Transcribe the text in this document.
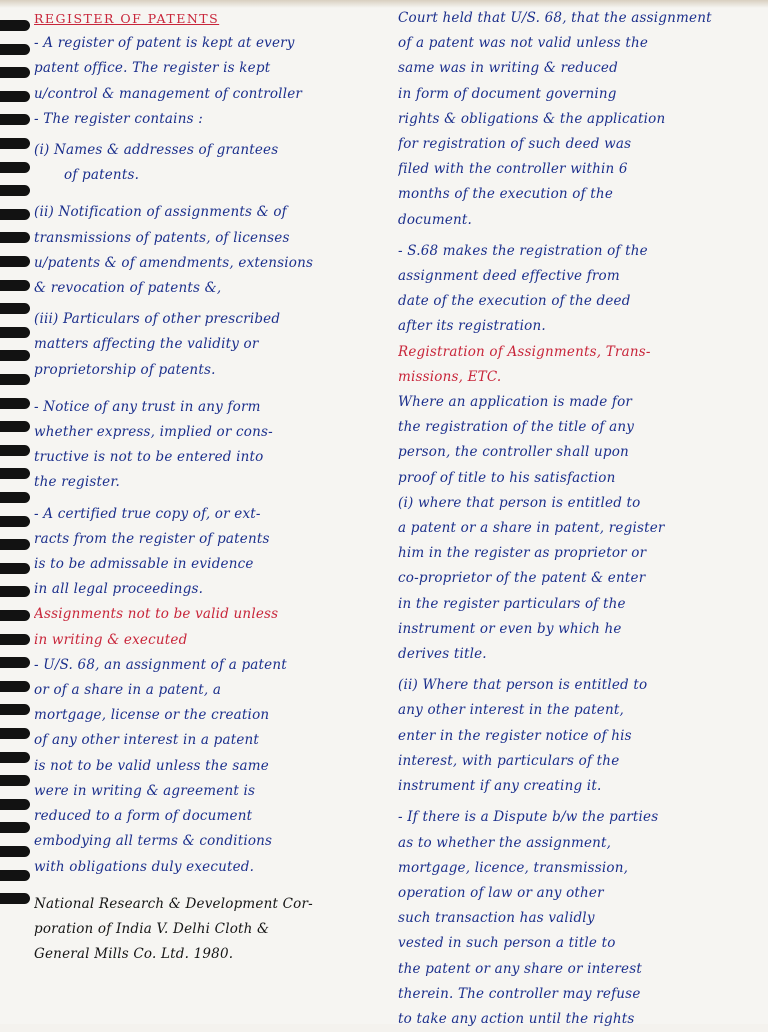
REGISTER OF PATENTS
- A register of patent is kept at every
patent office. The register is kept
u/control & management of controller
- The register contains :
(i) Names & addresses of grantees
of patents.
(ii) Notification of assignments & of
transmissions of patents, of licenses
u/patents & of amendments, extensions
& revocation of patents &,
(iii) Particulars of other prescribed
matters affecting the validity or
proprietorship of patents.
- Notice of any trust in any form
whether express, implied or cons-
tructive is not to be entered into
the register.
- A certified true copy of, or ext-
racts from the register of patents
is to be admissable in evidence
in all legal proceedings.
Assignments not to be valid unless
in writing & executed
- U/S. 68, an assignment of a patent
or of a share in a patent, a
mortgage, license or the creation
of any other interest in a patent
is not to be valid unless the same
were in writing & agreement is
reduced to a form of document
embodying all terms & conditions
with obligations duly executed.
National Research & Development Cor-
poration of India V. Delhi Cloth &
General Mills Co. Ltd. 1980.
Court held that U/S. 68, that the assignment
of a patent was not valid unless the
same was in writing & reduced
in form of document governing
rights & obligations & the application
for registration of such deed was
filed with the controller within 6
months of the execution of the
document.
- S.68 makes the registration of the
assignment deed effective from
date of the execution of the deed
after its registration.
Registration of Assignments, Trans-
missions, ETC.
Where an application is made for
the registration of the title of any
person, the controller shall upon
proof of title to his satisfaction
(i) where that person is entitled to
a patent or a share in patent, register
him in the register as proprietor or
co-proprietor of the patent & enter
in the register particulars of the
instrument or even by which he
derives title.
(ii) Where that person is entitled to
any other interest in the patent,
enter in the register notice of his
interest, with particulars of the
instrument if any creating it.
- If there is a Dispute b/w the parties
as to whether the assignment,
mortgage, licence, transmission,
operation of law or any other
such transaction has validly
vested in such person a title to
the patent or any share or interest
therein. The controller may refuse
to take any action until the rights
